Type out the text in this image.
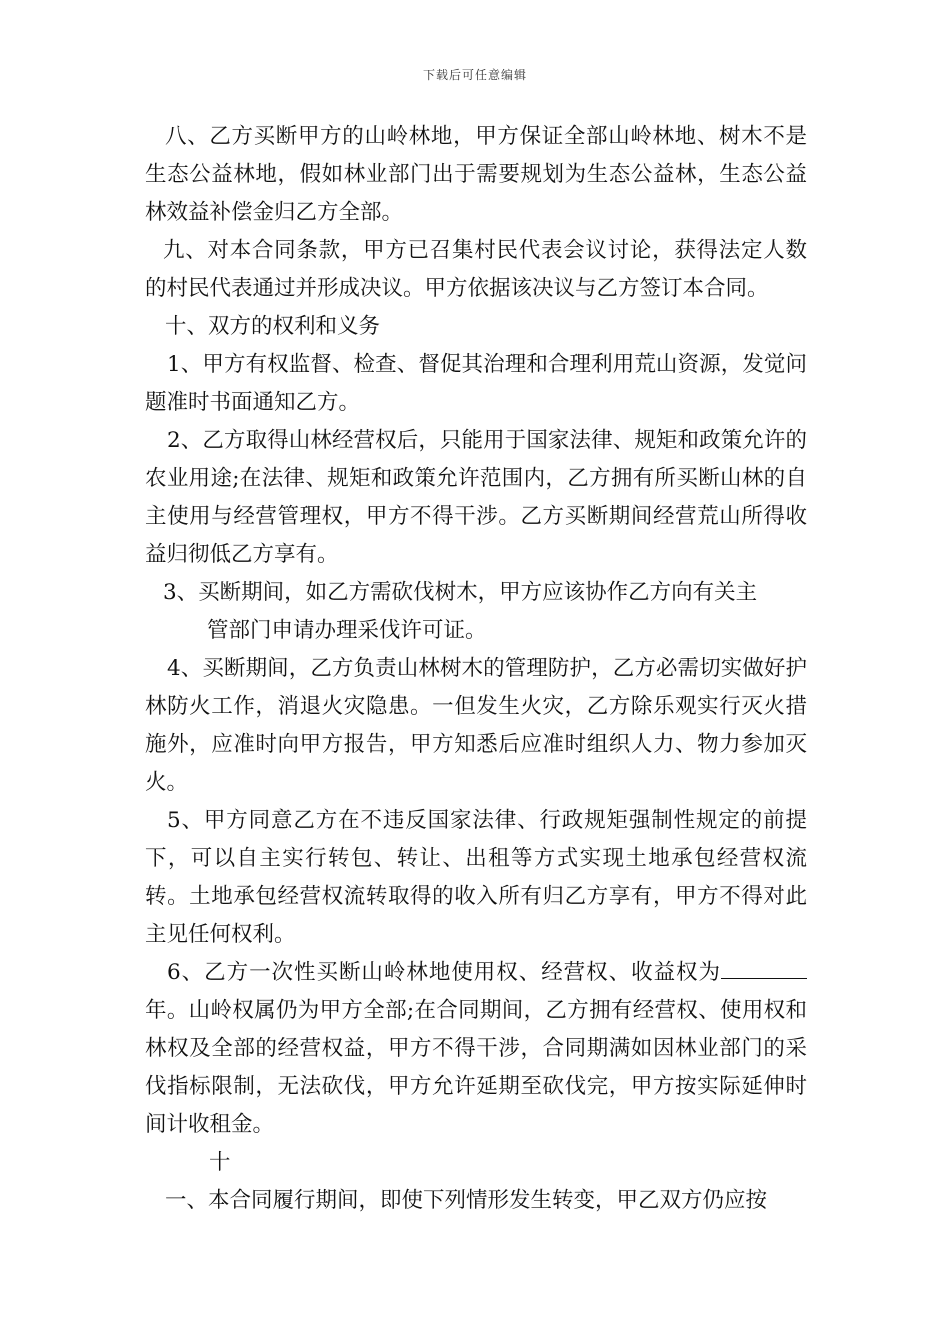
下载后可任意编辑

八、乙方买断甲方的山岭林地，甲方保证全部山岭林地、树木不是生态公益林地，假如林业部门出于需要规划为生态公益林，生态公益林效益补偿金归乙方全部。

九、对本合同条款，甲方已召集村民代表会议讨论，获得法定人数的村民代表通过并形成决议。甲方依据该决议与乙方签订本合同。

十、双方的权利和义务

1、甲方有权监督、检查、督促其治理和合理利用荒山资源，发觉问题准时书面通知乙方。

2、乙方取得山林经营权后，只能用于国家法律、规矩和政策允许的农业用途;在法律、规矩和政策允许范围内，乙方拥有所买断山林的自主使用与经营管理权，甲方不得干涉。乙方买断期间经营荒山所得收益归彻低乙方享有。

3、买断期间，如乙方需砍伐树木，甲方应该协作乙方向有关主

管部门申请办理采伐许可证。

4、买断期间，乙方负责山林树木的管理防护，乙方必需切实做好护林防火工作，消退火灾隐患。一但发生火灾，乙方除乐观实行灭火措施外，应准时向甲方报告，甲方知悉后应准时组织人力、物力参加灭火。

5、甲方同意乙方在不违反国家法律、行政规矩强制性规定的前提下，可以自主实行转包、转让、出租等方式实现土地承包经营权流转。土地承包经营权流转取得的收入所有归乙方享有，甲方不得对此主见任何权利。

6、乙方一次性买断山岭林地使用权、经营权、收益权为年。山岭权属仍为甲方全部;在合同期间，乙方拥有经营权、使用权和林权及全部的经营权益，甲方不得干涉，合同期满如因林业部门的采伐指标限制，无法砍伐，甲方允许延期至砍伐完，甲方按实际延伸时间计收租金。

十

一、本合同履行期间，即使下列情形发生转变，甲乙双方仍应按
